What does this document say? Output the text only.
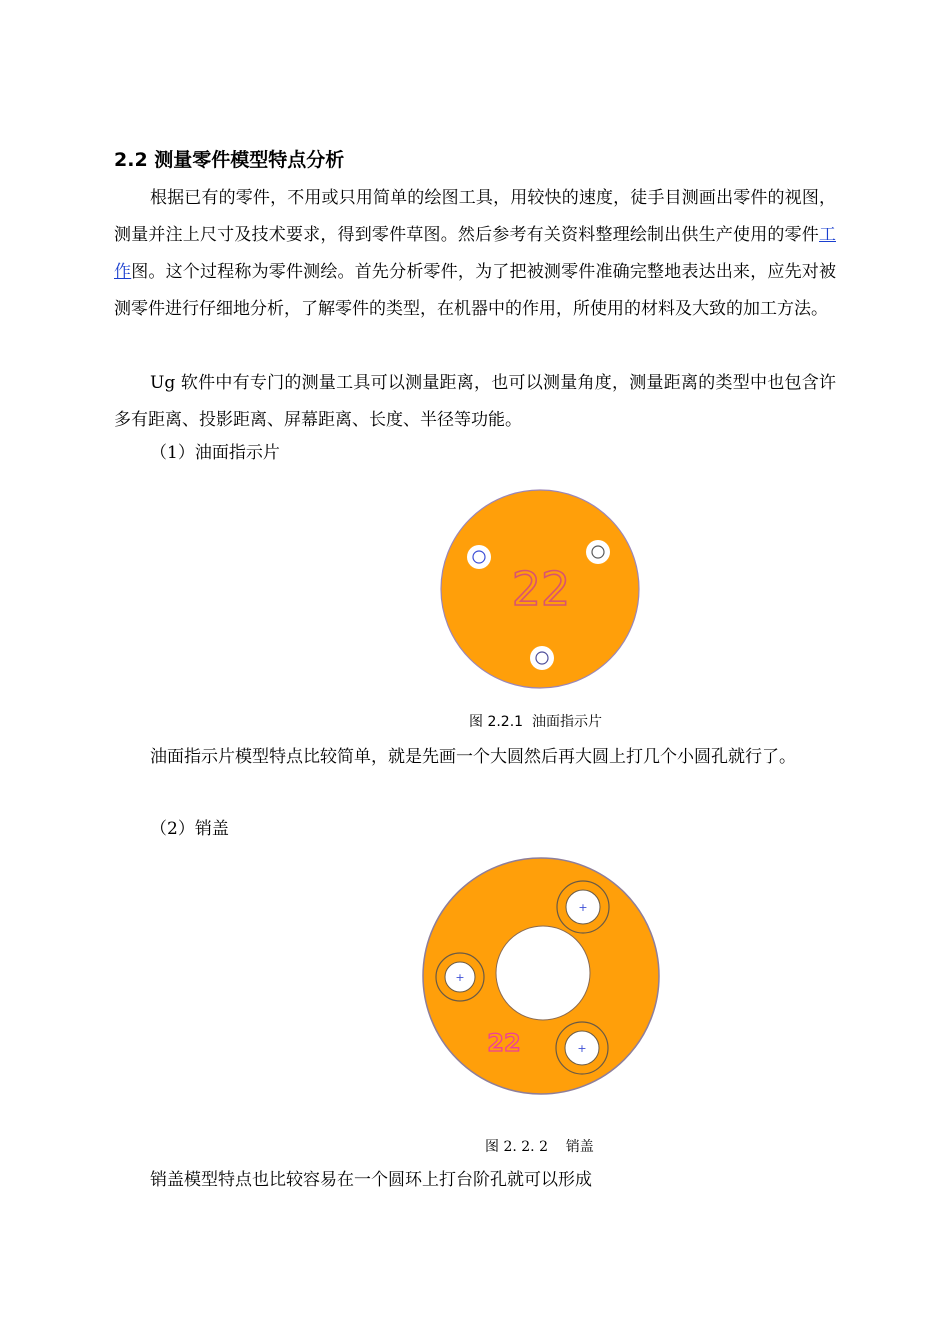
2.2 测量零件模型特点分析

根据已有的零件，不用或只用简单的绘图工具，用较快的速度，徒手目测画出零件的视图，测量并注上尺寸及技术要求，得到零件草图。然后参考有关资料整理绘制出供生产使用的零件工作图。这个过程称为零件测绘。首先分析零件，为了把被测零件准确完整地表达出来，应先对被测零件进行仔细地分析，了解零件的类型，在机器中的作用，所使用的材料及大致的加工方法。

Ug 软件中有专门的测量工具可以测量距离，也可以测量角度，测量距离的类型中也包含许多有距离、投影距离、屏幕距离、长度、半径等功能。

（1）油面指示片

22

图 2.2.1  油面指示片

油面指示片模型特点比较简单，就是先画一个大圆然后再大圆上打几个小圆孔就行了。

（2）销盖

+
+
+
22

图 2. 2. 2    销盖

销盖模型特点也比较容易在一个圆环上打台阶孔就可以形成
